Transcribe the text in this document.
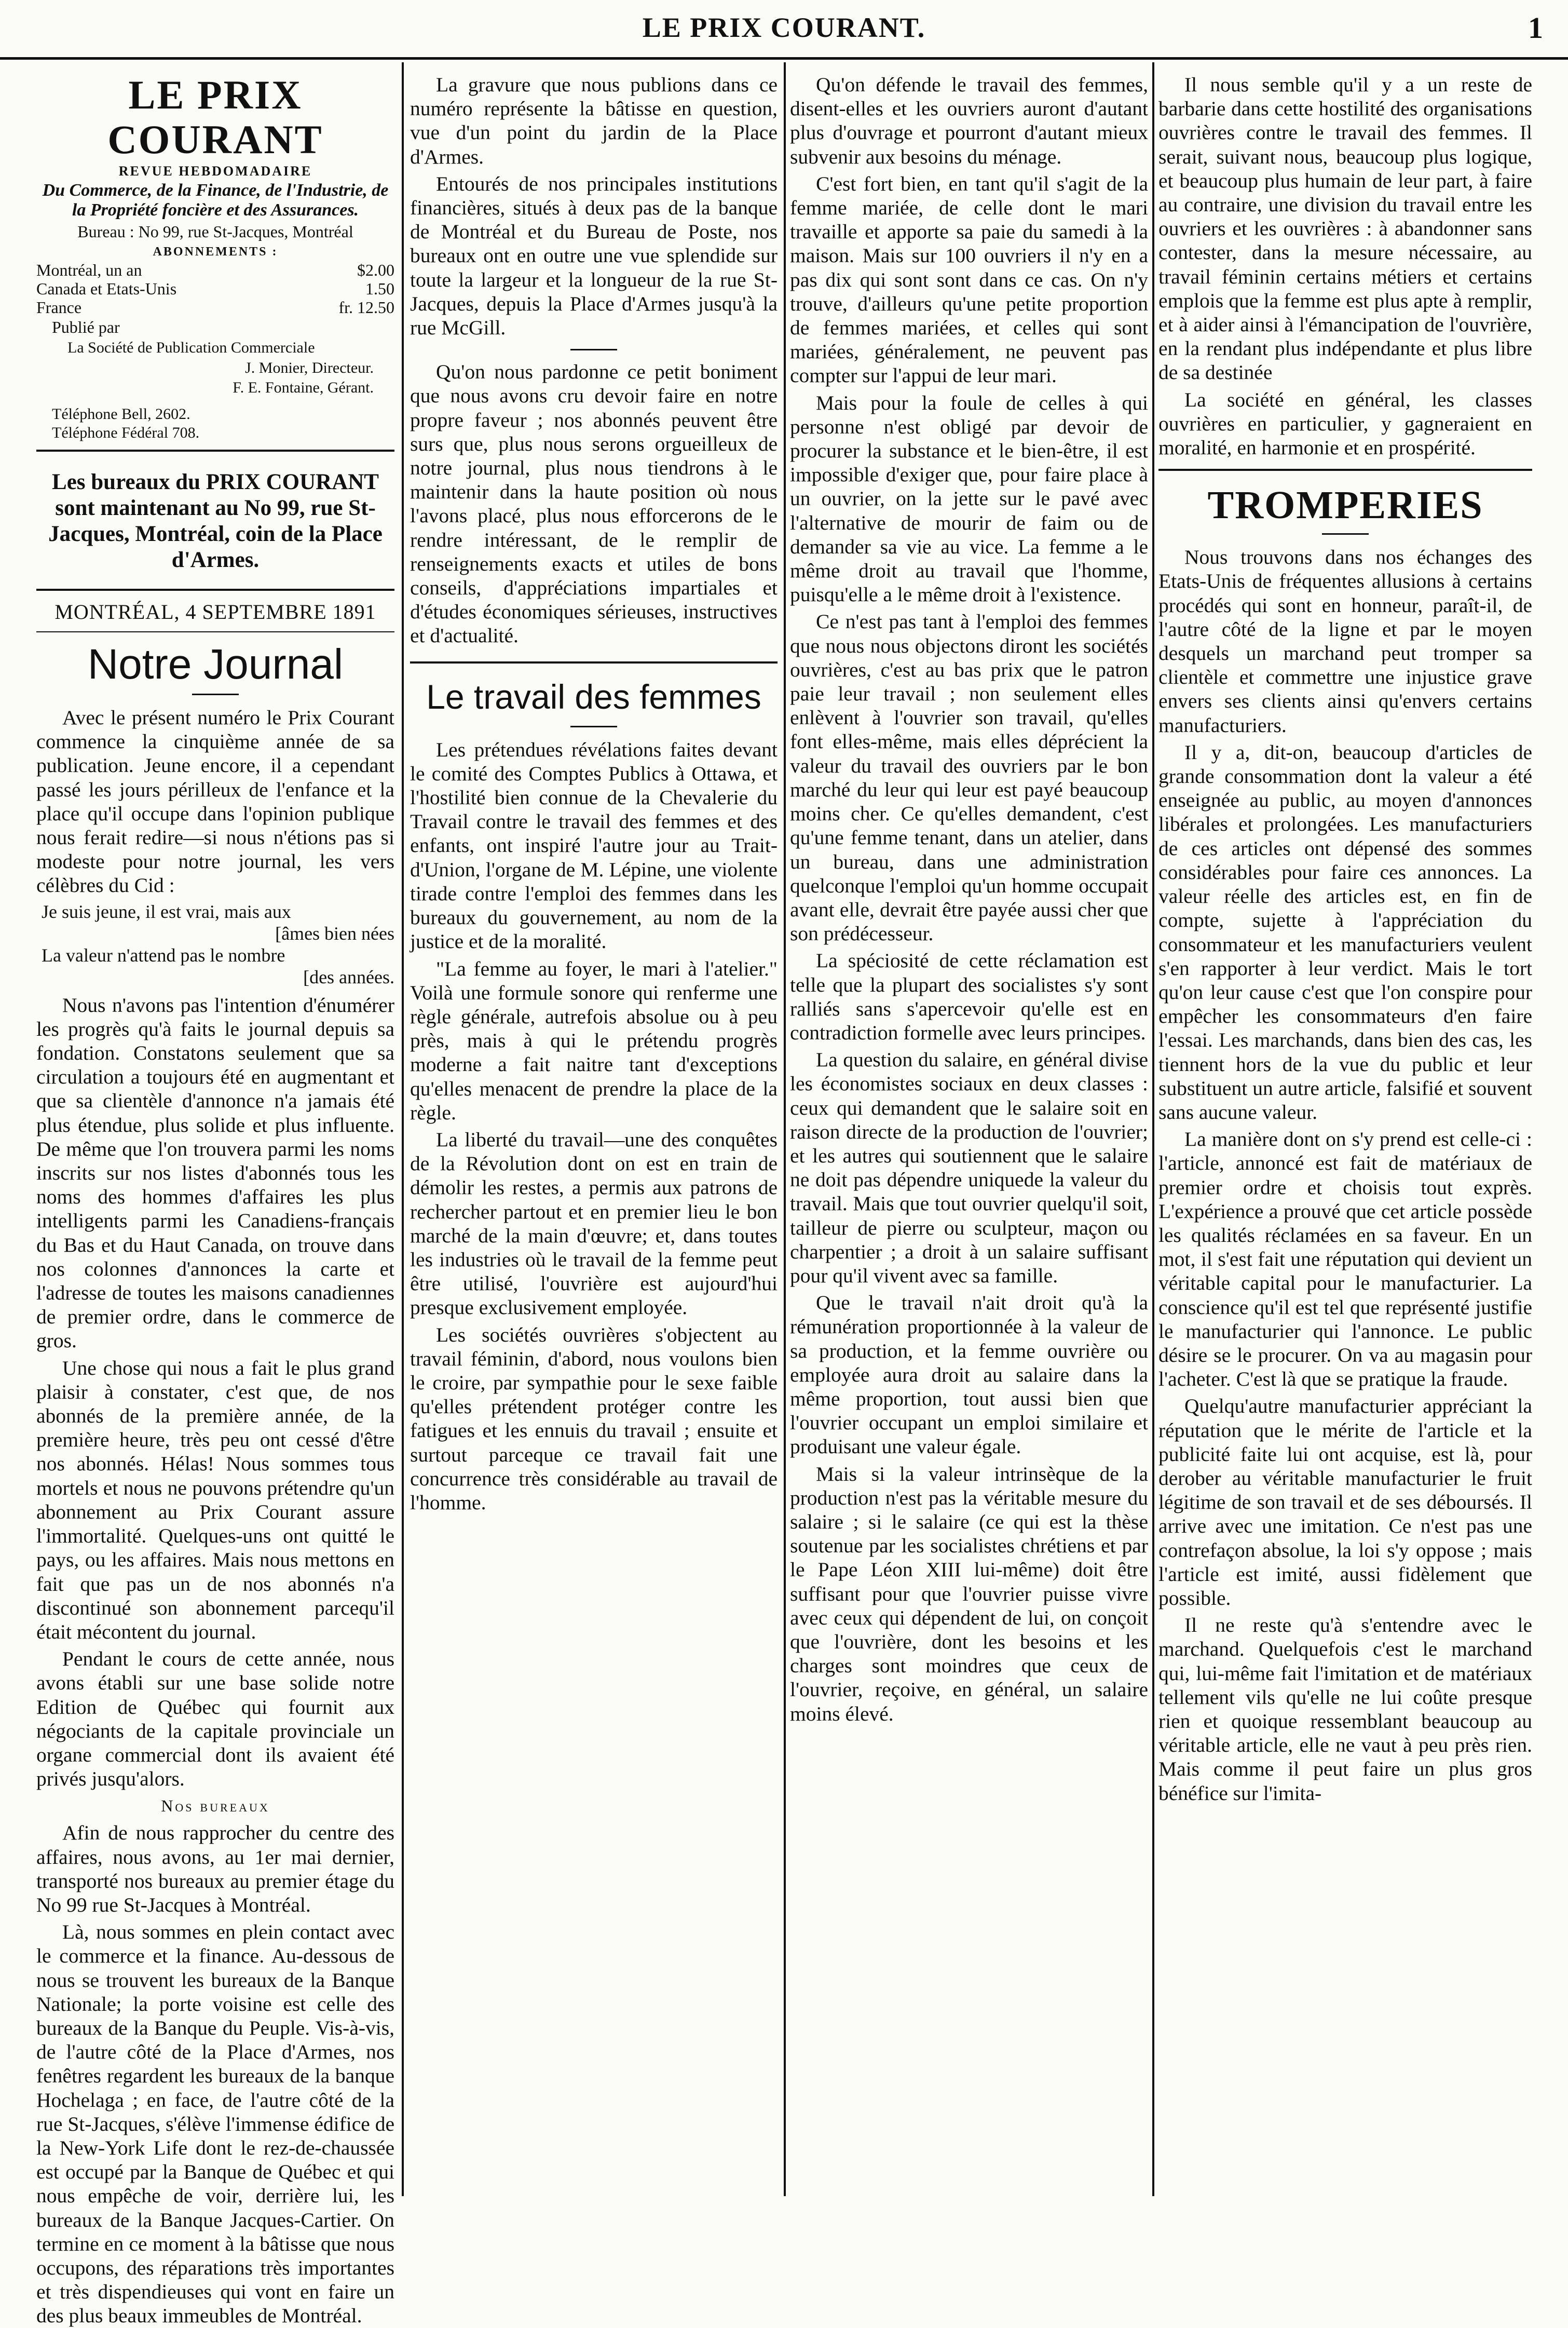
LE PRIX COURANT.	1
LE PRIX COURANT
REVUE HEBDOMADAIRE
Du Commerce, de la Finance, de l'Industrie, de la Propriété foncière et des Assurances.
Bureau : No 99, rue St-Jacques, Montréal
ABONNEMENTS :
Montréal, un an	$2.00
Canada et Etats-Unis	1.50
France	fr. 12.50
Publié par
La Société de Publication Commerciale
J. Monier, Directeur.
F. E. Fontaine, Gérant.
Téléphone Bell, 2602.
Téléphone Fédéral 708.
Les bureaux du PRIX COURANT sont maintenant au No 99, rue St-Jacques, Montréal, coin de la Place d'Armes.
MONTRÉAL, 4 SEPTEMBRE 1891
Notre Journal

Avec le présent numéro le Prix Courant commence la cinquième année de sa publication. Jeune encore, il a cependant passé les jours périlleux de l'enfance et la place qu'il occupe dans l'opinion publique nous ferait redire—si nous n'étions pas si modeste pour notre journal, les vers célèbres du Cid :

Je suis jeune, il est vrai, mais aux
[âmes bien nées
La valeur n'attend pas le nombre
[des années.

Nous n'avons pas l'intention d'énumérer les progrès qu'à faits le journal depuis sa fondation. Constatons seulement que sa circulation a toujours été en augmentant et que sa clientèle d'annonce n'a jamais été plus étendue, plus solide et plus influente. De même que l'on trouvera parmi les noms inscrits sur nos listes d'abonnés tous les noms des hommes d'affaires les plus intelligents parmi les Canadiens-français du Bas et du Haut Canada, on trouve dans nos colonnes d'annonces la carte et l'adresse de toutes les maisons canadiennes de premier ordre, dans le commerce de gros.

Une chose qui nous a fait le plus grand plaisir à constater, c'est que, de nos abonnés de la première année, de la première heure, très peu ont cessé d'être nos abonnés. Hélas! Nous sommes tous mortels et nous ne pouvons prétendre qu'un abonnement au Prix Courant assure l'immortalité. Quelques-uns ont quitté le pays, ou les affaires. Mais nous mettons en fait que pas un de nos abonnés n'a discontinué son abonnement parcequ'il était mécontent du journal.

Pendant le cours de cette année, nous avons établi sur une base solide notre Edition de Québec qui fournit aux négociants de la capitale provinciale un organe commercial dont ils avaient été privés jusqu'alors.

Nos bureaux

Afin de nous rapprocher du centre des affaires, nous avons, au 1er mai dernier, transporté nos bureaux au premier étage du No 99 rue St-Jacques à Montréal.

Là, nous sommes en plein contact avec le commerce et la finance. Au-dessous de nous se trouvent les bureaux de la Banque Nationale; la porte voisine est celle des bureaux de la Banque du Peuple. Vis-à-vis, de l'autre côté de la Place d'Armes, nos fenêtres regardent les bureaux de la banque Hochelaga ; en face, de l'autre côté de la rue St-Jacques, s'élève l'immense édifice de la New-York Life dont le rez-de-chaussée est occupé par la Banque de Québec et qui nous empêche de voir, derrière lui, les bureaux de la Banque Jacques-Cartier. On termine en ce moment à la bâtisse que nous occupons, des réparations très importantes et très dispendieuses qui vont en faire un des plus beaux immeubles de Montréal.

La gravure que nous publions dans ce numéro représente la bâtisse en question, vue d'un point du jardin de la Place d'Armes.

Entourés de nos principales institutions financières, situés à deux pas de la banque de Montréal et du Bureau de Poste, nos bureaux ont en outre une vue splendide sur toute la largeur et la longueur de la rue St-Jacques, depuis la Place d'Armes jusqu'à la rue McGill.

Qu'on nous pardonne ce petit boniment que nous avons cru devoir faire en notre propre faveur ; nos abonnés peuvent être surs que, plus nous serons orgueilleux de notre journal, plus nous tiendrons à le maintenir dans la haute position où nous l'avons placé, plus nous efforcerons de le rendre intéressant, de le remplir de renseignements exacts et utiles de bons conseils, d'appréciations impartiales et d'études économiques sérieuses, instructives et d'actualité.

Le travail des femmes

Les prétendues révélations faites devant le comité des Comptes Publics à Ottawa, et l'hostilité bien connue de la Chevalerie du Travail contre le travail des femmes et des enfants, ont inspiré l'autre jour au Trait-d'Union, l'organe de M. Lépine, une violente tirade contre l'emploi des femmes dans les bureaux du gouvernement, au nom de la justice et de la moralité.

"La femme au foyer, le mari à l'atelier." Voilà une formule sonore qui renferme une règle générale, autrefois absolue ou à peu près, mais à qui le prétendu progrès moderne a fait naitre tant d'exceptions qu'elles menacent de prendre la place de la règle.

La liberté du travail—une des conquêtes de la Révolution dont on est en train de démolir les restes, a permis aux patrons de rechercher partout et en premier lieu le bon marché de la main d'œuvre; et, dans toutes les industries où le travail de la femme peut être utilisé, l'ouvrière est aujourd'hui presque exclusivement employée.

Les sociétés ouvrières s'objectent au travail féminin, d'abord, nous voulons bien le croire, par sympathie pour le sexe faible qu'elles prétendent protéger contre les fatigues et les ennuis du travail ; ensuite et surtout parceque ce travail fait une concurrence très considérable au travail de l'homme.

Qu'on défende le travail des femmes, disent-elles et les ouvriers auront d'autant plus d'ouvrage et pourront d'autant mieux subvenir aux besoins du ménage.

C'est fort bien, en tant qu'il s'agit de la femme mariée, de celle dont le mari travaille et apporte sa paie du samedi à la maison. Mais sur 100 ouvriers il n'y en a pas dix qui sont sont dans ce cas. On n'y trouve, d'ailleurs qu'une petite proportion de femmes mariées, et celles qui sont mariées, généralement, ne peuvent pas compter sur l'appui de leur mari.

Mais pour la foule de celles à qui personne n'est obligé par devoir de procurer la substance et le bien-être, il est impossible d'exiger que, pour faire place à un ouvrier, on la jette sur le pavé avec l'alternative de mourir de faim ou de demander sa vie au vice. La femme a le même droit au travail que l'homme, puisqu'elle a le même droit à l'existence.

Ce n'est pas tant à l'emploi des femmes que nous nous objectons diront les sociétés ouvrières, c'est au bas prix que le patron paie leur travail ; non seulement elles enlèvent à l'ouvrier son travail, qu'elles font elles-même, mais elles déprécient la valeur du travail des ouvriers par le bon marché du leur qui leur est payé beaucoup moins cher. Ce qu'elles demandent, c'est qu'une femme tenant, dans un atelier, dans un bureau, dans une administration quelconque l'emploi qu'un homme occupait avant elle, devrait être payée aussi cher que son prédécesseur.

La spéciosité de cette réclamation est telle que la plupart des socialistes s'y sont ralliés sans s'apercevoir qu'elle est en contradiction formelle avec leurs principes.

La question du salaire, en général divise les économistes sociaux en deux classes : ceux qui demandent que le salaire soit en raison directe de la production de l'ouvrier; et les autres qui soutiennent que le salaire ne doit pas dépendre uniquede la valeur du travail. Mais que tout ouvrier quelqu'il soit, tailleur de pierre ou sculpteur, maçon ou charpentier ; a droit à un salaire suffisant pour qu'il vivent avec sa famille.

Que le travail n'ait droit qu'à la rémunération proportionnée à la valeur de sa production, et la femme ouvrière ou employée aura droit au salaire dans la même proportion, tout aussi bien que l'ouvrier occupant un emploi similaire et produisant une valeur égale.

Mais si la valeur intrinsèque de la production n'est pas la véritable mesure du salaire ; si le salaire (ce qui est la thèse soutenue par les socialistes chrétiens et par le Pape Léon XIII lui-même) doit être suffisant pour que l'ouvrier puisse vivre avec ceux qui dépendent de lui, on conçoit que l'ouvrière, dont les besoins et les charges sont moindres que ceux de l'ouvrier, reçoive, en général, un salaire moins élevé.

Il nous semble qu'il y a un reste de barbarie dans cette hostilité des organisations ouvrières contre le travail des femmes. Il serait, suivant nous, beaucoup plus logique, et beaucoup plus humain de leur part, à faire au contraire, une division du travail entre les ouvriers et les ouvrières : à abandonner sans contester, dans la mesure nécessaire, au travail féminin certains métiers et certains emplois que la femme est plus apte à remplir, et à aider ainsi à l'émancipation de l'ouvrière, en la rendant plus indépendante et plus libre de sa destinée

La société en général, les classes ouvrières en particulier, y gagneraient en moralité, en harmonie et en prospérité.

TROMPERIES

Nous trouvons dans nos échanges des Etats-Unis de fréquentes allusions à certains procédés qui sont en honneur, paraît-il, de l'autre côté de la ligne et par le moyen desquels un marchand peut tromper sa clientèle et commettre une injustice grave envers ses clients ainsi qu'envers certains manufacturiers.

Il y a, dit-on, beaucoup d'articles de grande consommation dont la valeur a été enseignée au public, au moyen d'annonces libérales et prolongées. Les manufacturiers de ces articles ont dépensé des sommes considérables pour faire ces annonces. La valeur réelle des articles est, en fin de compte, sujette à l'appréciation du consommateur et les manufacturiers veulent s'en rapporter à leur verdict. Mais le tort qu'on leur cause c'est que l'on conspire pour empêcher les consommateurs d'en faire l'essai. Les marchands, dans bien des cas, les tiennent hors de la vue du public et leur substituent un autre article, falsifié et souvent sans aucune valeur.

La manière dont on s'y prend est celle-ci : l'article, annoncé est fait de matériaux de premier ordre et choisis tout exprès. L'expérience a prouvé que cet article possède les qualités réclamées en sa faveur. En un mot, il s'est fait une réputation qui devient un véritable capital pour le manufacturier. La conscience qu'il est tel que représenté justifie le manufacturier qui l'annonce. Le public désire se le procurer. On va au magasin pour l'acheter. C'est là que se pratique la fraude.

Quelqu'autre manufacturier appréciant la réputation que le mérite de l'article et la publicité faite lui ont acquise, est là, pour derober au véritable manufacturier le fruit légitime de son travail et de ses déboursés. Il arrive avec une imitation. Ce n'est pas une contrefaçon absolue, la loi s'y oppose ; mais l'article est imité, aussi fidèlement que possible.

Il ne reste qu'à s'entendre avec le marchand. Quelquefois c'est le marchand qui, lui-même fait l'imitation et de matériaux tellement vils qu'elle ne lui coûte presque rien et quoique ressemblant beaucoup au véritable article, elle ne vaut à peu près rien. Mais comme il peut faire un plus gros bénéfice sur l'imita-
